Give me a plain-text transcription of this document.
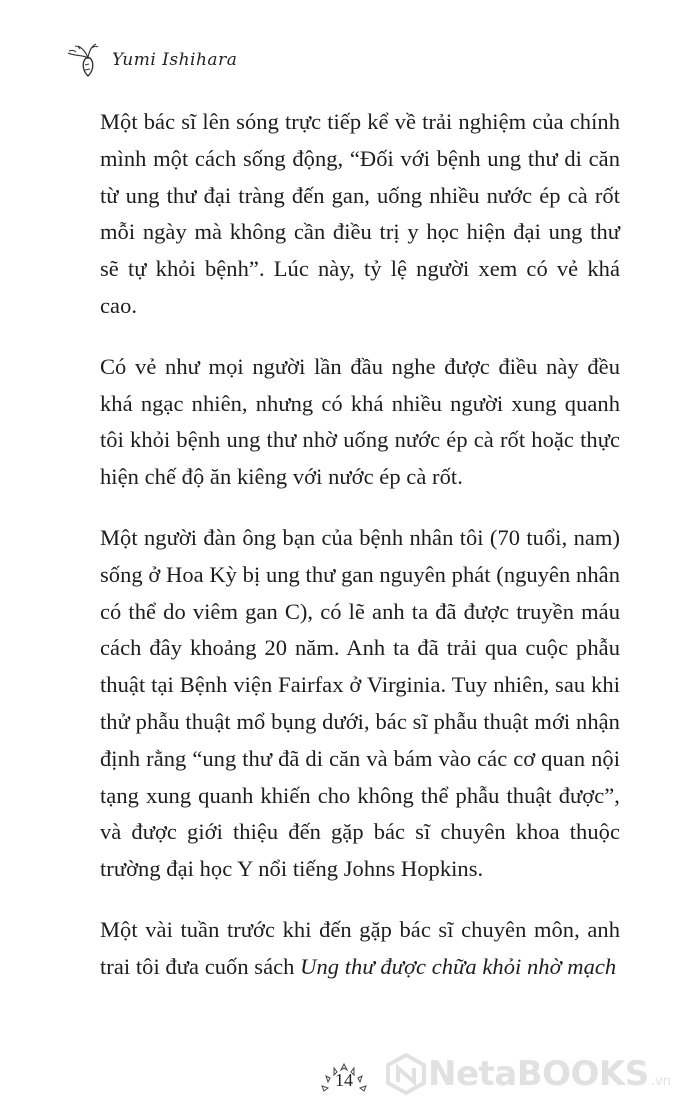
Yumi Ishihara

Một bác sĩ lên sóng trực tiếp kể về trải nghiệm của chính mình một cách sống động, “Đối với bệnh ung thư di căn từ ung thư đại tràng đến gan, uống nhiều nước ép cà rốt mỗi ngày mà không cần điều trị y học hiện đại ung thư sẽ tự khỏi bệnh”. Lúc này, tỷ lệ người xem có vẻ khá cao.

Có vẻ như mọi người lần đầu nghe được điều này đều khá ngạc nhiên, nhưng có khá nhiều người xung quanh tôi khỏi bệnh ung thư nhờ uống nước ép cà rốt hoặc thực hiện chế độ ăn kiêng với nước ép cà rốt.

Một người đàn ông bạn của bệnh nhân tôi (70 tuổi, nam) sống ở Hoa Kỳ bị ung thư gan nguyên phát (nguyên nhân có thể do viêm gan C), có lẽ anh ta đã được truyền máu cách đây khoảng 20 năm. Anh ta đã trải qua cuộc phẫu thuật tại Bệnh viện Fairfax ở Virginia. Tuy nhiên, sau khi thử phẫu thuật mổ bụng dưới, bác sĩ phẫu thuật mới nhận định rằng “ung thư đã di căn và bám vào các cơ quan nội tạng xung quanh khiến cho không thể phẫu thuật được”, và được giới thiệu đến gặp bác sĩ chuyên khoa thuộc trường đại học Y nổi tiếng Johns Hopkins.

Một vài tuần trước khi đến gặp bác sĩ chuyên môn, anh trai tôi đưa cuốn sách Ung thư được chữa khỏi nhờ mạch

14	NetaBOOKS .vn
